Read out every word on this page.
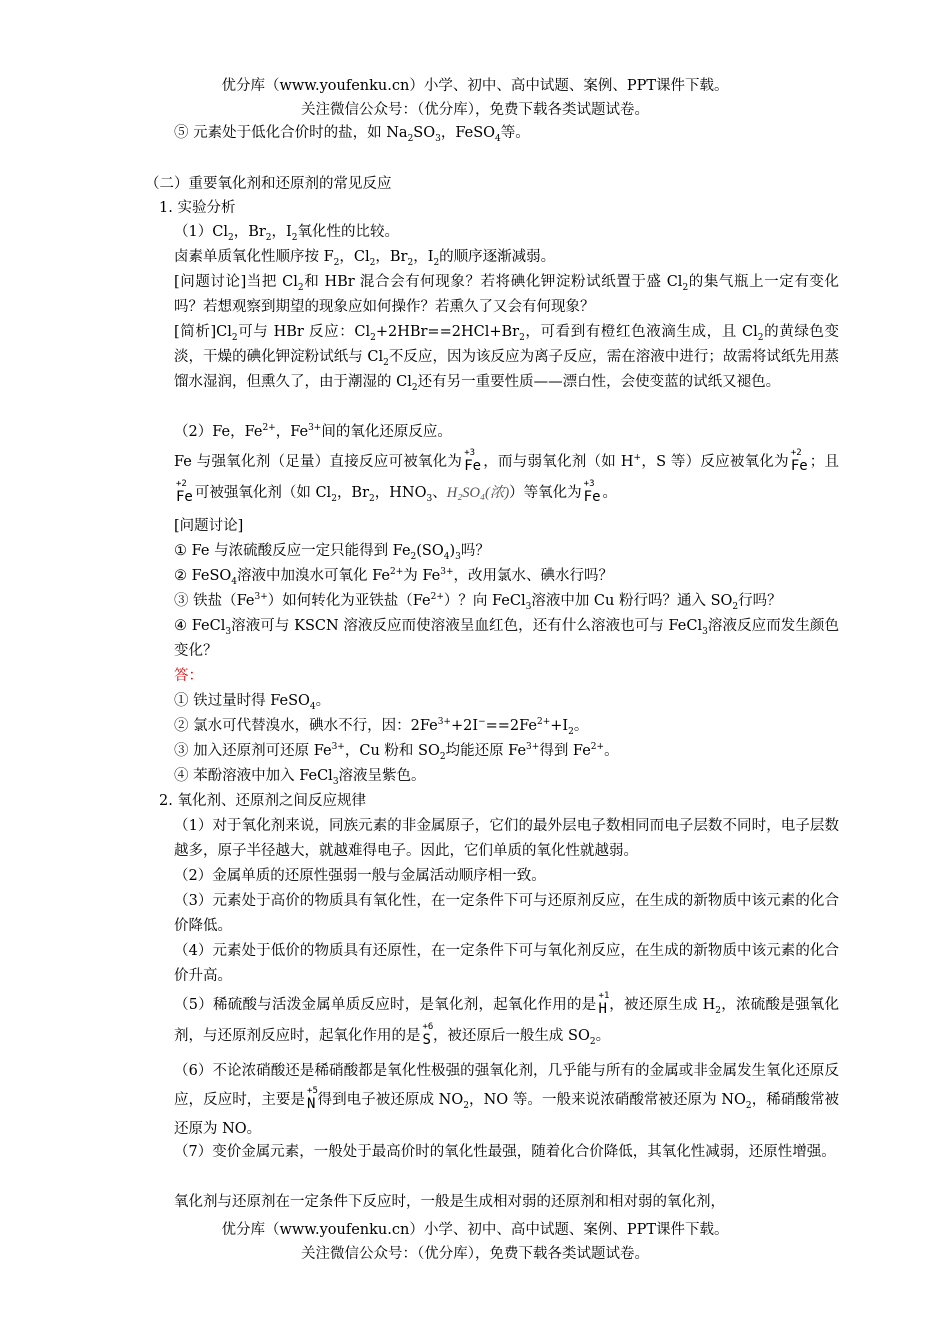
优分库（www.youfenku.cn）小学、初中、高中试题、案例、PPT课件下载。
关注微信公众号：（优分库），免费下载各类试题试卷。
⑤ 元素处于低化合价时的盐，如 $Na_2SO_3$，FeSO$_4$等。
（二）重要氧化剂和还原剂的常见反应
1. 实验分析
$(1)Cl_2$，$Br_2$，$I_2$氧化性的比较。
卤素单质氧化性顺序按 $F_2$，$Cl_2$，$Br_2$，$I_2$的顺序逐渐减弱。
[问题讨论]当把 $Cl_2$和 HBr 混合会有何现象？若将碘化钾淀粉试纸置于盛 $Cl_2$的集气瓶上一定有变化吗？若想观察到期望的现象应如何操作？若熏久了又会有何现象？
[简析]$Cl_2$可与 HBr 反应：$Cl_2+2HBr==2HCl+Br_2$，可看到有橙红色液滴生成，且 $Cl_2$的黄绿色变淡，干燥的碘化钾淀粉试纸与 $Cl_2$不反应，因为该反应为离子反应，需在溶液中进行；故需将试纸先用蒸馏水湿润，但熏久了，由于潮湿的 $Cl_2$还有另一重要性质——漂白性，会使变蓝的试纸又褪色。
（2）Fe，$Fe^{2+}$，$Fe^{3+}$间的氧化还原反应。
Fe 与强氧化剂（足量）直接反应可被氧化为
+3
Fe ，而与弱氧化剂（如 H+，S 等）反应被氧化为
+2
Fe ；且
+2
Fe 可被强氧化剂（如 $Cl_2$，$Br_2$，$HNO_3$、H₂SO₄(浓)）等氧化为
+3
Fe 。
[问题讨论]
① Fe 与浓硫酸反应一定只能得到 $Fe_2(SO_4)_3$吗？
② FeSO$_4$溶液中加溴水可氧化 $Fe^{2+}$为 $Fe^{3+}$，改用氯水、碘水行吗？
③ 铁盐$(Fe^{3+})$如何转化为亚铁盐$(Fe^{2+})$？向 FeCl$_3$溶液中加 Cu 粉行吗？通入 $SO_2$行吗？
④ FeCl$_3$溶液可与 KSCN 溶液反应而使溶液呈血红色，还有什么溶液也可与 FeCl$_3$溶液反应而发生颜色变化？
答：
① 铁过量时得 FeSO$_4$。
② 氯水可代替溴水，碘水不行，因：$2Fe^{3+}+2I^-==2Fe^{2+}+I_2$。
③ 加入还原剂可还原 $Fe^{3+}$，Cu 粉和 $SO_2$均能还原 $Fe^{3+}$得到 $Fe^{2+}$。
④ 苯酚溶液中加入 FeCl$_3$溶液呈紫色。
2. 氧化剂、还原剂之间反应规律
（1）对于氧化剂来说，同族元素的非金属原子，它们的最外层电子数相同而电子层数不同时，电子层数越多，原子半径越大，就越难得电子。因此，它们单质的氧化性就越弱。
（2）金属单质的还原性强弱一般与金属活动顺序相一致。
（3）元素处于高价的物质具有氧化性，在一定条件下可与还原剂反应，在生成的新物质中该元素的化合价降低。
（4）元素处于低价的物质具有还原性，在一定条件下可与氧化剂反应，在生成的新物质中该元素的化合价升高。
（5）稀硫酸与活泼金属单质反应时，是氧化剂，起氧化作用的是
+1
H ，被还原生成 $H_2$，浓硫酸是强氧化剂，与还原剂反应时，起氧化作用的是
+6
S ，被还原后一般生成 $SO_2$。
（6）不论浓硝酸还是稀硝酸都是氧化性极强的强氧化剂，几乎能与所有的金属或非金属发生氧化还原反应，反应时，主要是
+5
N 得到电子被还原成 $NO_2$，NO 等。一般来说浓硝酸常被还原为 $NO_2$，稀硝酸常被还原为 NO。
（7）变价金属元素，一般处于最高价时的氧化性最强，随着化合价降低，其氧化性减弱，还原性增强。
氧化剂与还原剂在一定条件下反应时，一般是生成相对弱的还原剂和相对弱的氧化剂，
优分库（www.youfenku.cn）小学、初中、高中试题、案例、PPT课件下载。
关注微信公众号：（优分库），免费下载各类试题试卷。
